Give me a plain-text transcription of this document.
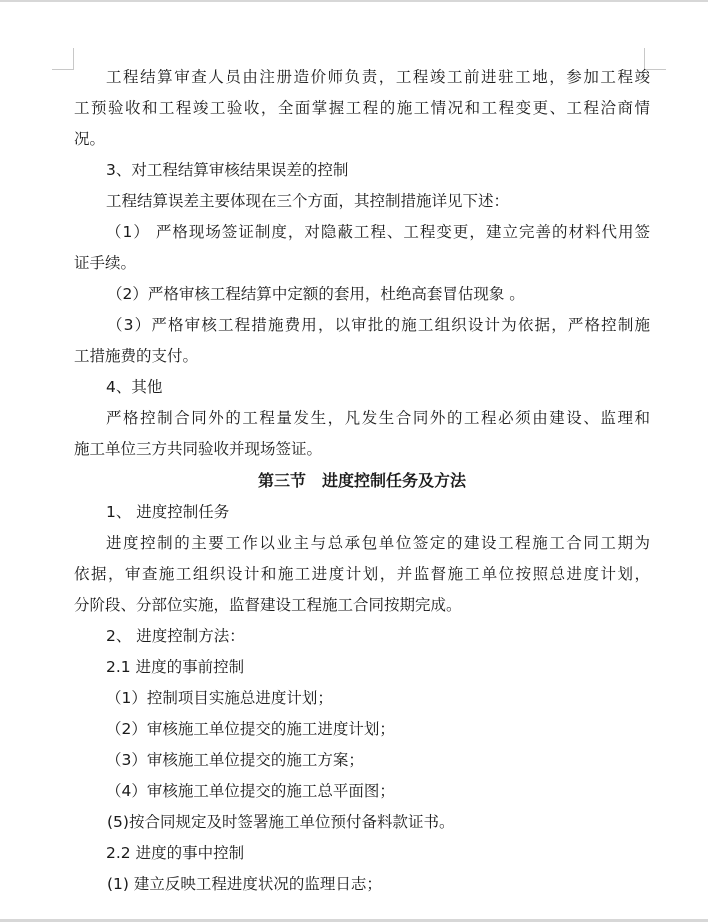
工程结算审查人员由注册造价师负责，工程竣工前进驻工地，参加工程竣

工预验收和工程竣工验收，全面掌握工程的施工情况和工程变更、工程洽商情

况。

3、对工程结算审核结果误差的控制

工程结算误差主要体现在三个方面，其控制措施详见下述：

（1） 严格现场签证制度，对隐蔽工程、工程变更，建立完善的材料代用签

证手续。

（2）严格审核工程结算中定额的套用，杜绝高套冒估现象 。

（3）严格审核工程措施费用，以审批的施工组织设计为依据，严格控制施

工措施费的支付。

4、其他

严格控制合同外的工程量发生，凡发生合同外的工程必须由建设、监理和

施工单位三方共同验收并现场签证。

第三节　进度控制任务及方法

1、 进度控制任务

进度控制的主要工作以业主与总承包单位签定的建设工程施工合同工期为

依据，审查施工组织设计和施工进度计划，并监督施工单位按照总进度计划，

分阶段、分部位实施，监督建设工程施工合同按期完成。

2、 进度控制方法：

2.1 进度的事前控制

（1）控制项目实施总进度计划；

（2）审核施工单位提交的施工进度计划；

（3）审核施工单位提交的施工方案；

（4）审核施工单位提交的施工总平面图；

(5)按合同规定及时签署施工单位预付备料款证书。

2.2 进度的事中控制

(1) 建立反映工程进度状况的监理日志；
